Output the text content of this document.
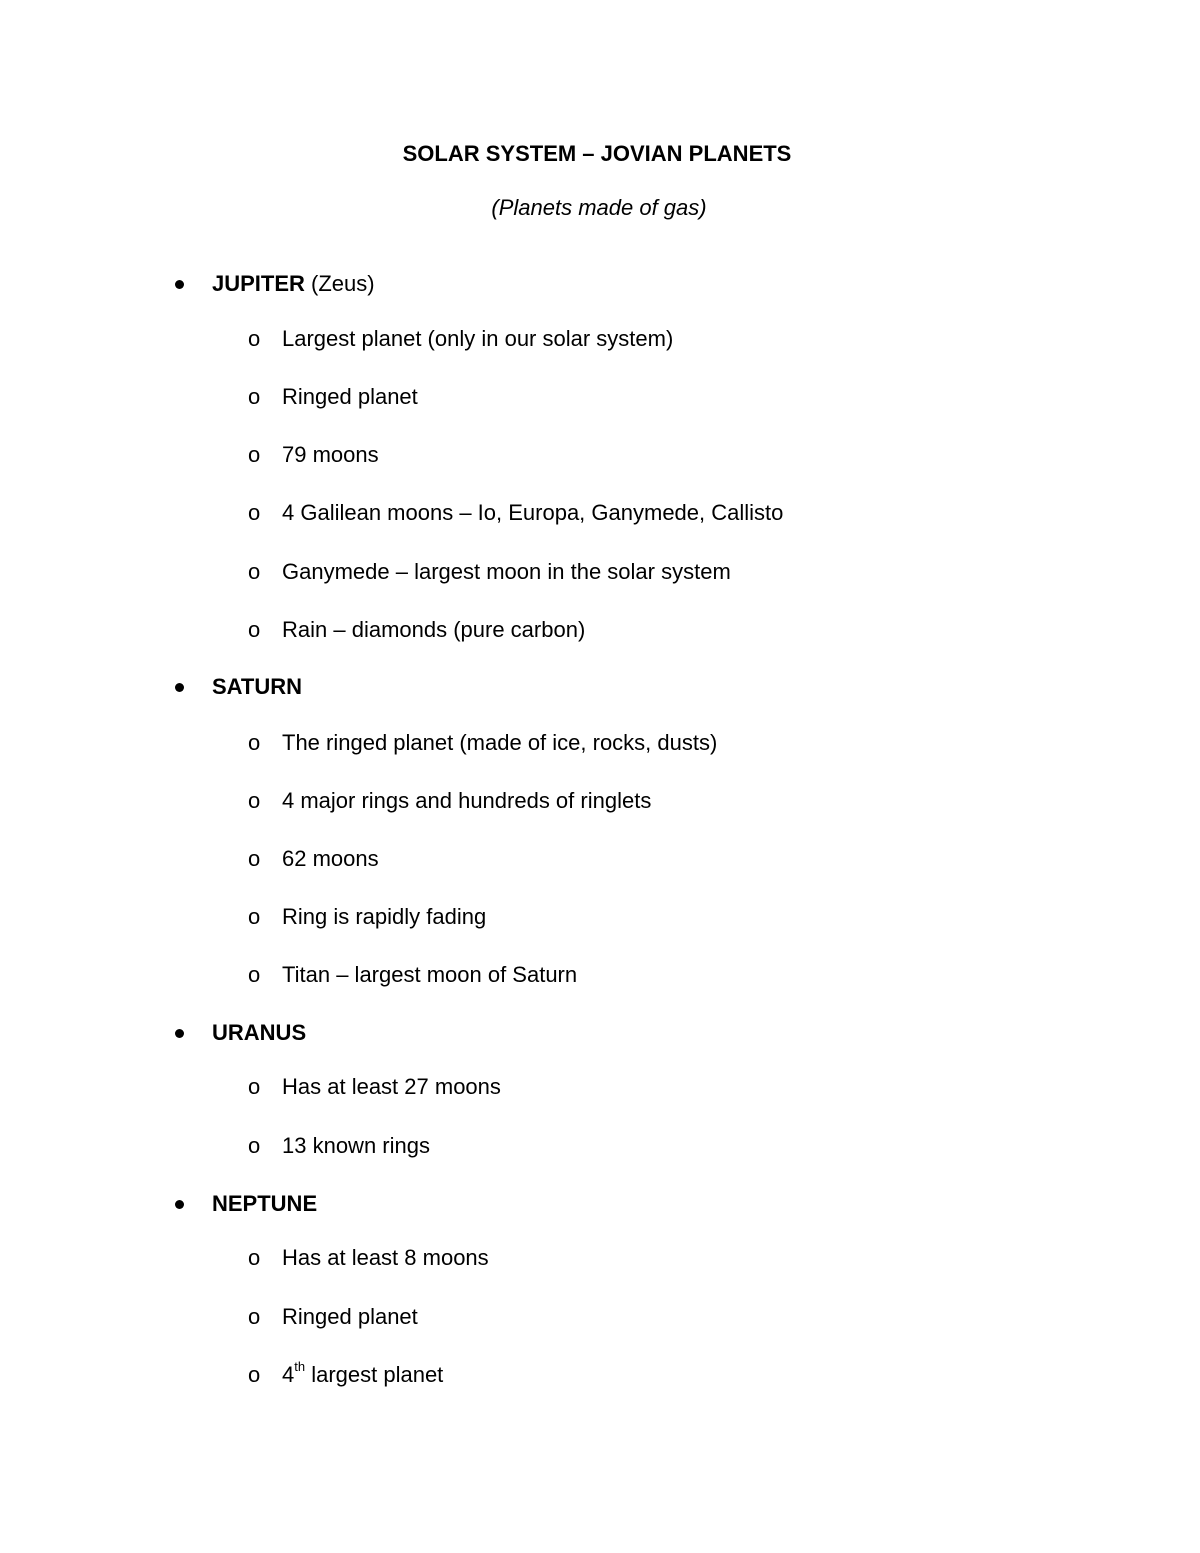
SOLAR SYSTEM – JOVIAN PLANETS
(Planets made of gas)
JUPITER (Zeus)
o Largest planet (only in our solar system)
o Ringed planet
o 79 moons
o 4 Galilean moons – Io, Europa, Ganymede, Callisto
o Ganymede – largest moon in the solar system
o Rain – diamonds (pure carbon)
SATURN
o The ringed planet (made of ice, rocks, dusts)
o 4 major rings and hundreds of ringlets
o 62 moons
o Ring is rapidly fading
o Titan – largest moon of Saturn
URANUS
o Has at least 27 moons
o 13 known rings
NEPTUNE
o Has at least 8 moons
o Ringed planet
o 4th largest planet
